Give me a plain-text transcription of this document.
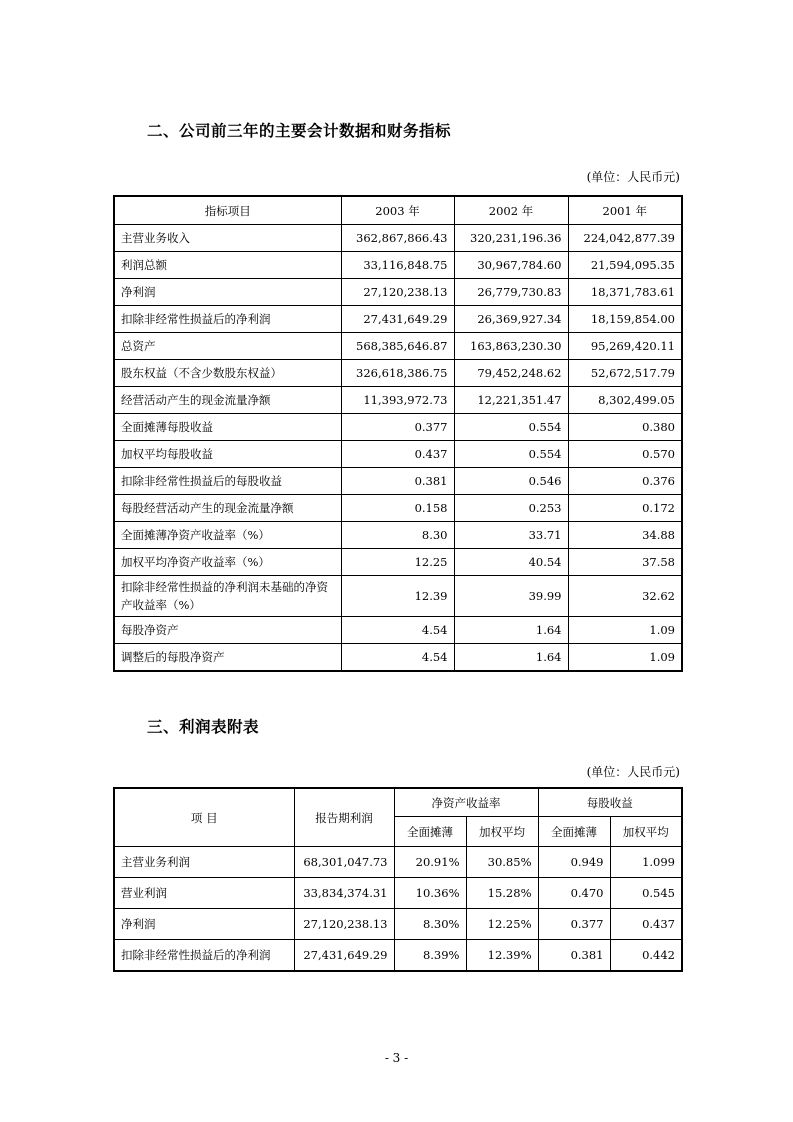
二、公司前三年的主要会计数据和财务指标
(单位：人民币元)
指标项目	2003 年	2002 年	2001 年
主营业务收入	362,867,866.43	320,231,196.36	224,042,877.39
利润总额	33,116,848.75	30,967,784.60	21,594,095.35
净利润	27,120,238.13	26,779,730.83	18,371,783.61
扣除非经常性损益后的净利润	27,431,649.29	26,369,927.34	18,159,854.00
总资产	568,385,646.87	163,863,230.30	95,269,420.11
股东权益（不含少数股东权益）	326,618,386.75	79,452,248.62	52,672,517.79
经营活动产生的现金流量净额	11,393,972.73	12,221,351.47	8,302,499.05
全面摊薄每股收益	0.377	0.554	0.380
加权平均每股收益	0.437	0.554	0.570
扣除非经常性损益后的每股收益	0.381	0.546	0.376
每股经营活动产生的现金流量净额	0.158	0.253	0.172
全面摊薄净资产收益率（%）	8.30	33.71	34.88
加权平均净资产收益率（%）	12.25	40.54	37.58
扣除非经常性损益的净利润未基础的净资产收益率（%）	12.39	39.99	32.62
每股净资产	4.54	1.64	1.09
调整后的每股净资产	4.54	1.64	1.09
三、利润表附表
(单位：人民币元)
项 目	报告期利润	净资产收益率		每股收益	
		全面摊薄	加权平均	全面摊薄	加权平均
主营业务利润	68,301,047.73	20.91%	30.85%	0.949	1.099
营业利润	33,834,374.31	10.36%	15.28%	0.470	0.545
净利润	27,120,238.13	8.30%	12.25%	0.377	0.437
扣除非经常性损益后的净利润	27,431,649.29	8.39%	12.39%	0.381	0.442
- 3 -
